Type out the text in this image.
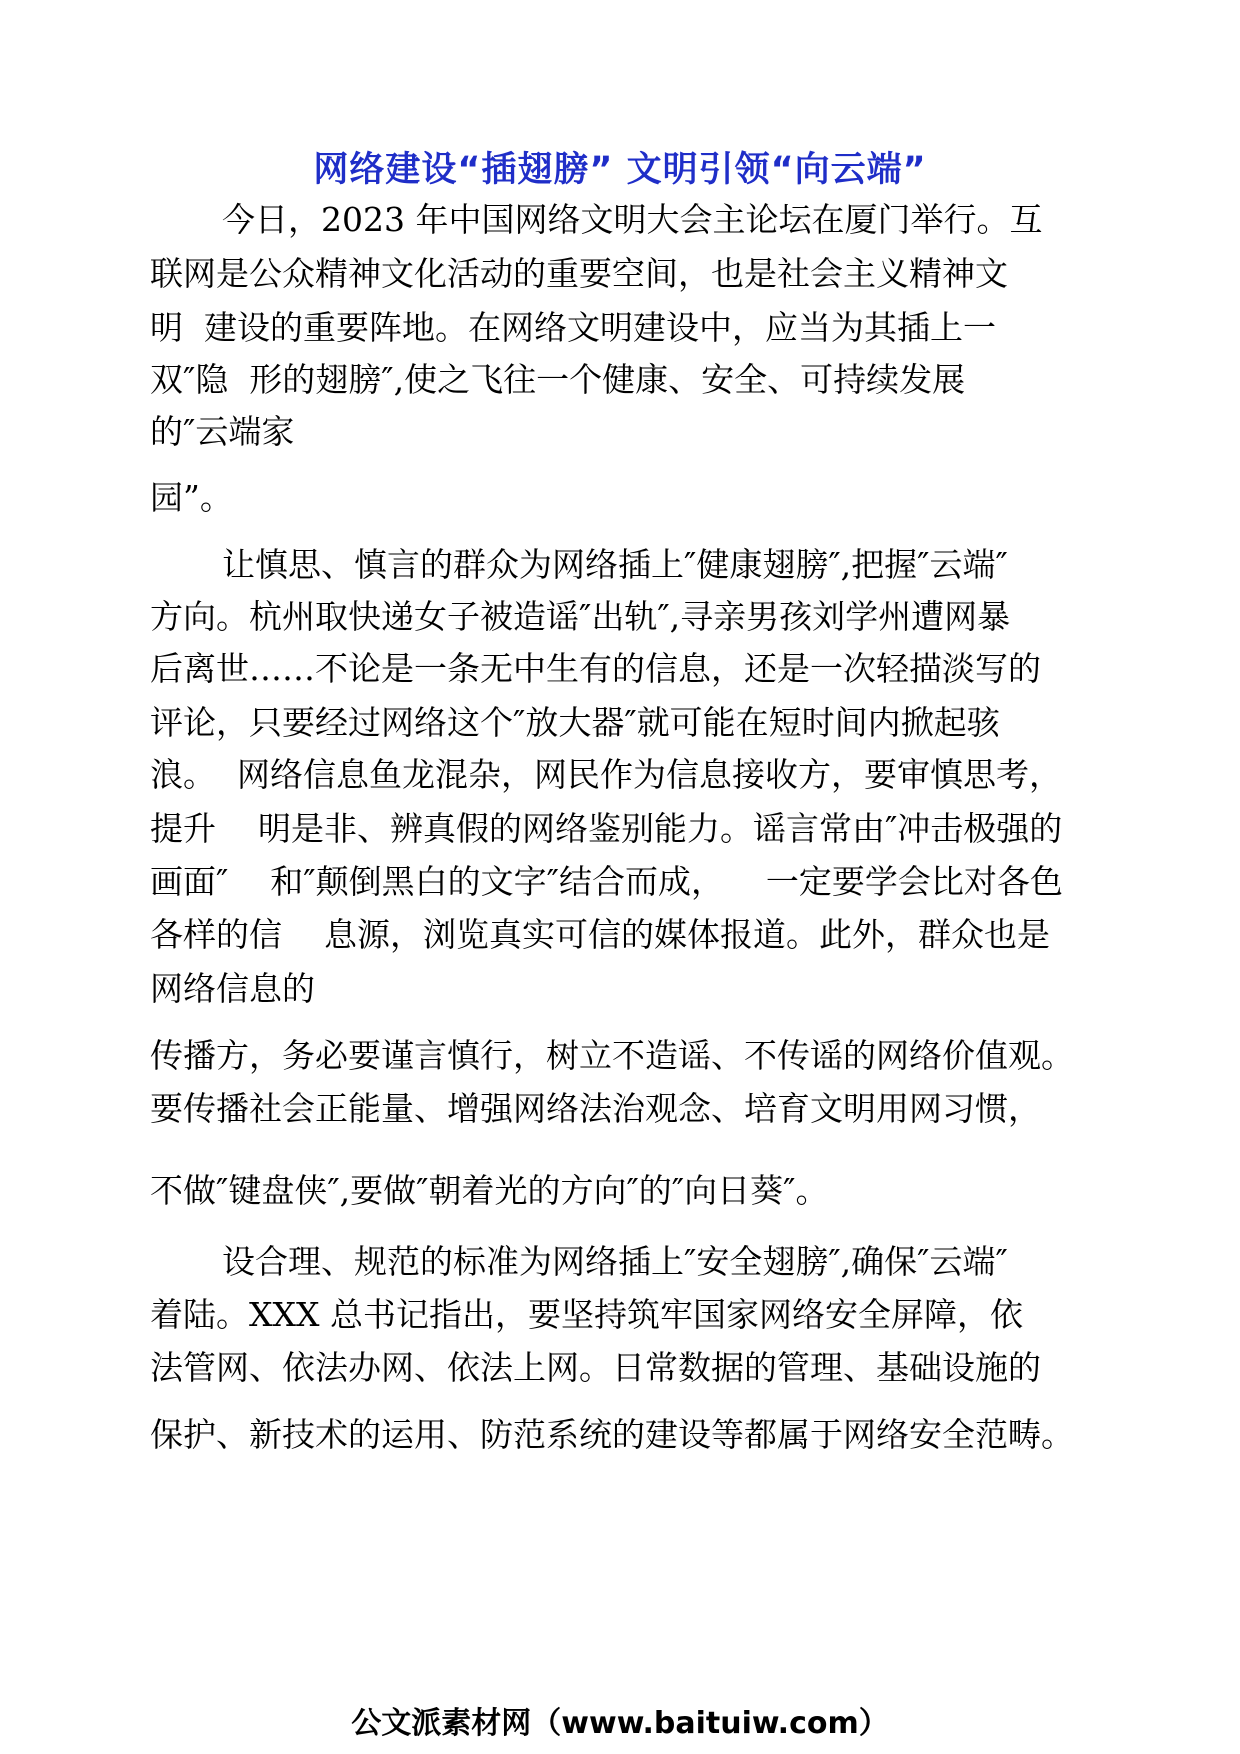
网络建设“插翅膀” 文明引领“向云端”
今日，2023 年中国网络文明大会主论坛在厦门举行。互
联网是公众精神文化活动的重要空间，也是社会主义精神文
明  建设的重要阵地。在网络文明建设中，应当为其插上一
双″隐  形的翅膀″,使之飞往一个健康、安全、可持续发展
的″云端家
园”。
让慎思、慎言的群众为网络插上″健康翅膀″,把握″云端″
方向。杭州取快递女子被造谣″出轨″,寻亲男孩刘学州遭网暴
后离世……不论是一条无中生有的信息，还是一次轻描淡写的
评论，只要经过网络这个″放大器″就可能在短时间内掀起骇
浪。  网络信息鱼龙混杂，网民作为信息接收方，要审慎思考，
提升    明是非、辨真假的网络鉴别能力。谣言常由″冲击极强的
画面″    和″颠倒黑白的文字″结合而成，    一定要学会比对各色
各样的信    息源，浏览真实可信的媒体报道。此外，群众也是
网络信息的
传播方，务必要谨言慎行，树立不造谣、不传谣的网络价值观。
要传播社会正能量、增强网络法治观念、培育文明用网习惯，
不做″键盘侠″,要做″朝着光的方向″的″向日葵″。
设合理、规范的标准为网络插上″安全翅膀″,确保″云端″
着陆。XXX 总书记指出，要坚持筑牢国家网络安全屏障，依
法管网、依法办网、依法上网。日常数据的管理、基础设施的
保护、新技术的运用、防范系统的建设等都属于网络安全范畴。
公文派素材网（www.baituiw.com）
